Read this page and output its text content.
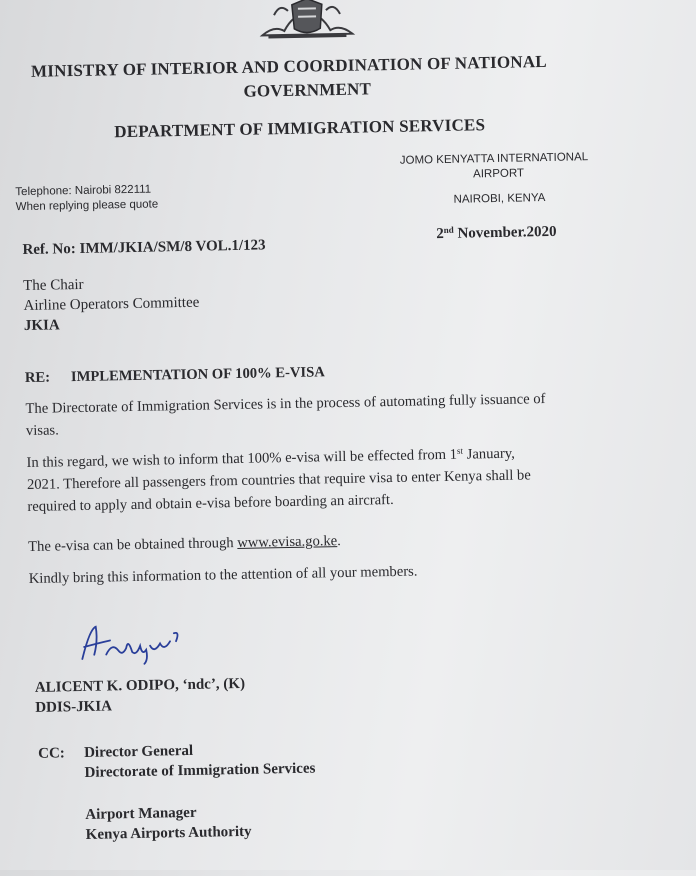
MINISTRY OF INTERIOR AND COORDINATION OF NATIONAL
GOVERNMENT
DEPARTMENT OF IMMIGRATION SERVICES
Telephone: Nairobi 822111
When replying please quote
JOMO KENYATTA INTERNATIONAL
AIRPORT
NAIROBI, KENYA
Ref. No: IMM/JKIA/SM/8 VOL.1/123
2nd November.2020
The Chair
Airline Operators Committee
JKIA
RE: IMPLEMENTATION OF 100% E-VISA
The Directorate of Immigration Services is in the process of automating fully issuance of
visas.
In this regard, we wish to inform that 100% e-visa will be effected from 1st January,
2021. Therefore all passengers from countries that require visa to enter Kenya shall be
required to apply and obtain e-visa before boarding an aircraft.
The e-visa can be obtained through www.evisa.go.ke.
Kindly bring this information to the attention of all your members.
ALICENT K. ODIPO, ‘ndc’, (K)
DDIS-JKIA
CC: Director General
Directorate of Immigration Services
Airport Manager
Kenya Airports Authority
